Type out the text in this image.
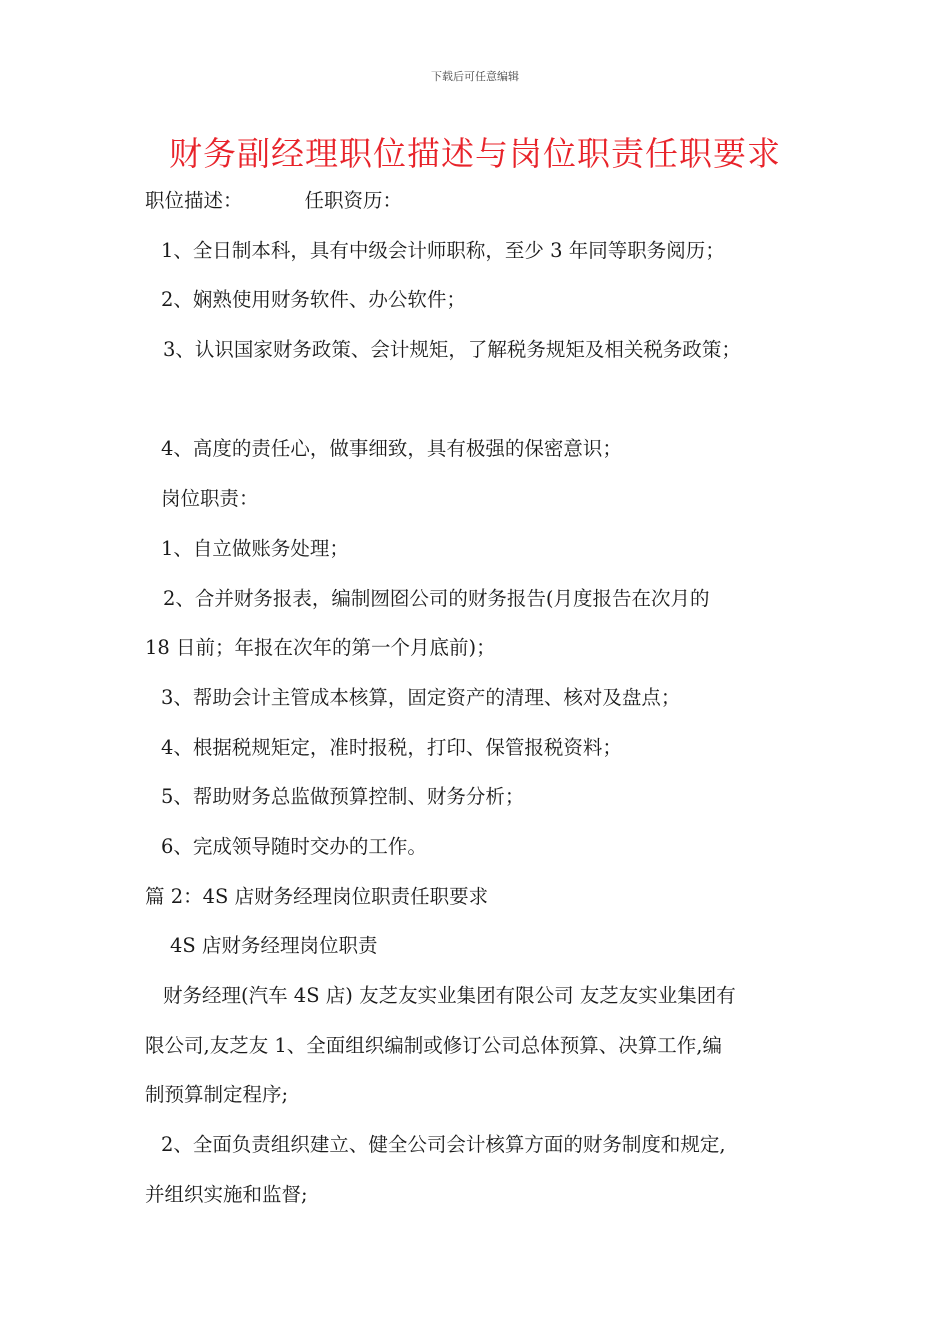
下载后可任意编辑
财务副经理职位描述与岗位职责任职要求
职位描述：	任职资历：
1、全日制本科，具有中级会计师职称，至少 3 年同等职务阅历；
2、娴熟使用财务软件、办公软件；
3、认识国家财务政策、会计规矩，了解税务规矩及相关税务政策；
4、高度的责任心，做事细致，具有极强的保密意识；
岗位职责：
1、自立做账务处理；
2、合并财务报表，编制囫囵公司的财务报告(月度报告在次月的
18 日前；年报在次年的第一个月底前)；
3、帮助会计主管成本核算，固定资产的清理、核对及盘点；
4、根据税规矩定，准时报税，打印、保管报税资料；
5、帮助财务总监做预算控制、财务分析；
6、完成领导随时交办的工作。
篇 2：4S 店财务经理岗位职责任职要求
4S 店财务经理岗位职责
财务经理(汽车 4S 店) 友芝友实业集团有限公司 友芝友实业集团有
限公司,友芝友 1、全面组织编制或修订公司总体预算、决算工作,编
制预算制定程序;
2、全面负责组织建立、健全公司会计核算方面的财务制度和规定,
并组织实施和监督;
